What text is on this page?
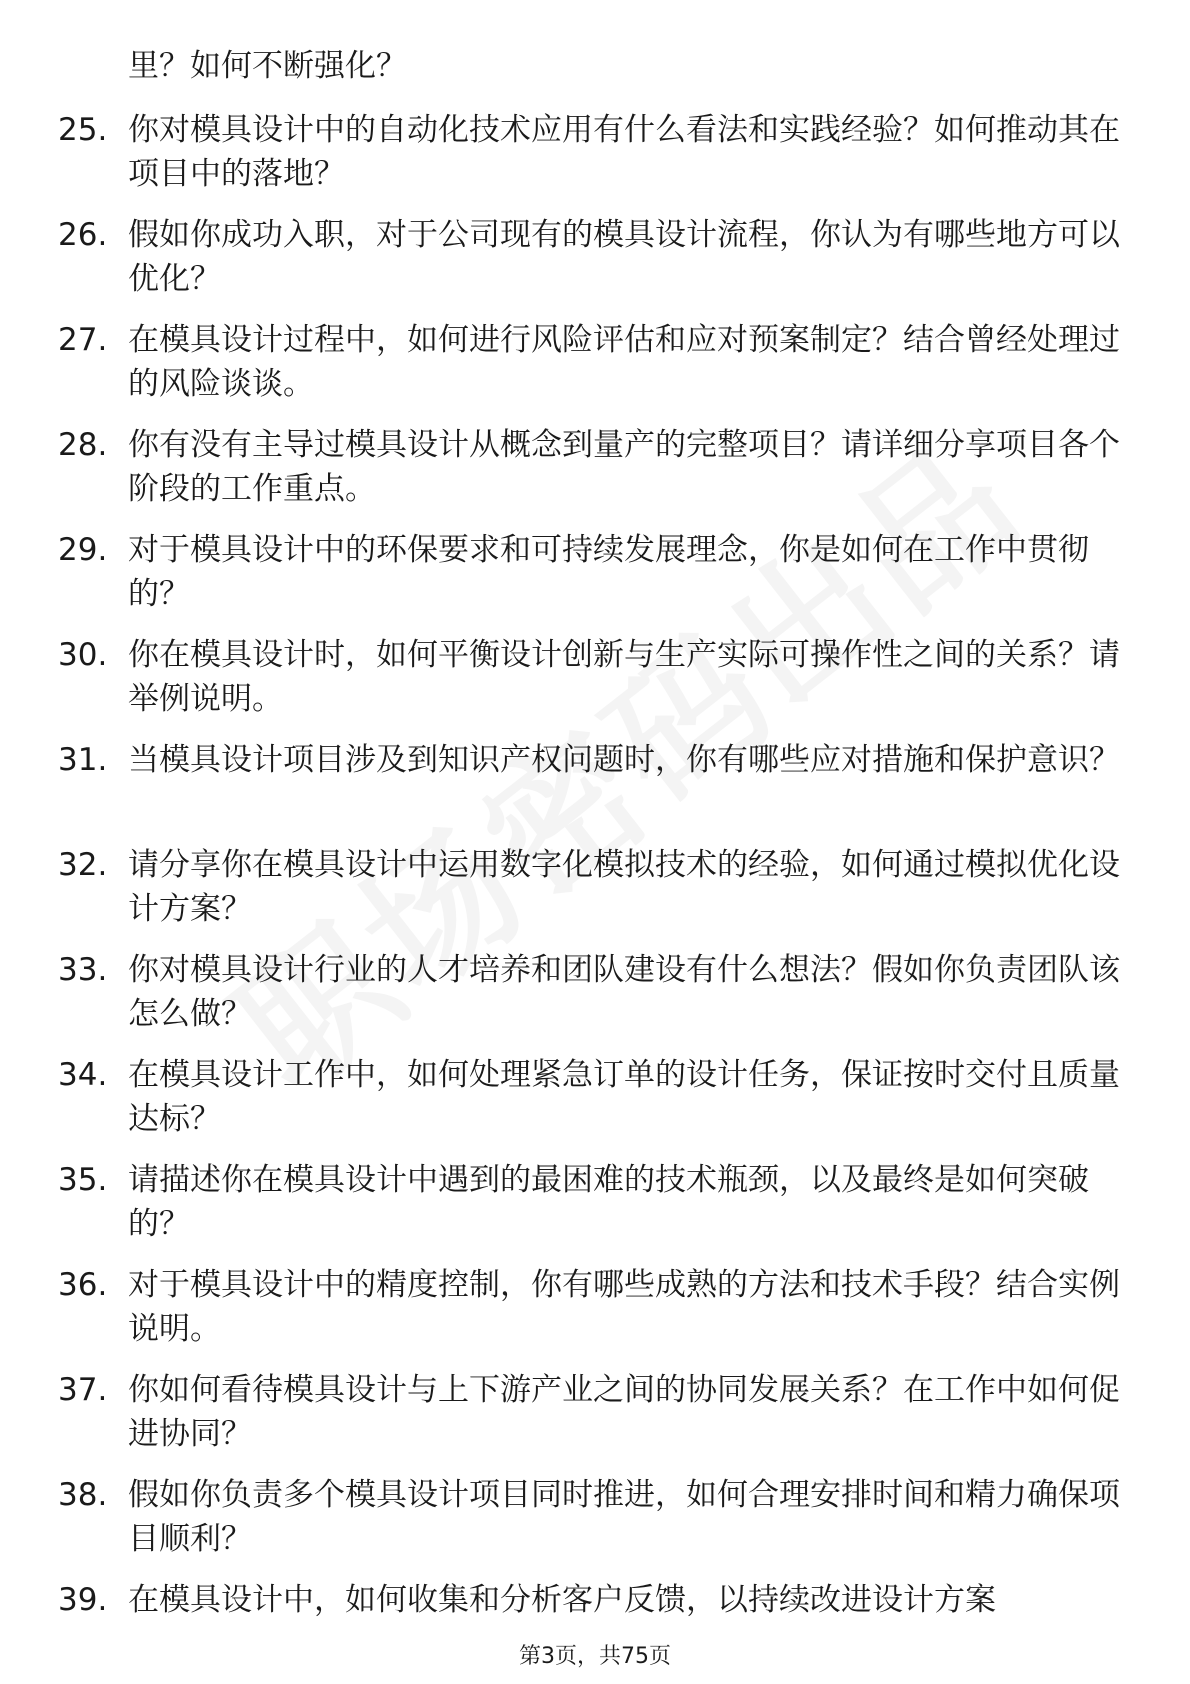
里？如何不断强化？
25. 你对模具设计中的自动化技术应用有什么看法和实践经验？如何推动其在项目中的落地？
26. 假如你成功入职，对于公司现有的模具设计流程，你认为有哪些地方可以优化？
27. 在模具设计过程中，如何进行风险评估和应对预案制定？结合曾经处理过的风险谈谈。
28. 你有没有主导过模具设计从概念到量产的完整项目？请详细分享项目各个阶段的工作重点。
29. 对于模具设计中的环保要求和可持续发展理念，你是如何在工作中贯彻的？
30. 你在模具设计时，如何平衡设计创新与生产实际可操作性之间的关系？请举例说明。
31. 当模具设计项目涉及到知识产权问题时，你有哪些应对措施和保护意识？
32. 请分享你在模具设计中运用数字化模拟技术的经验，如何通过模拟优化设计方案？
33. 你对模具设计行业的人才培养和团队建设有什么想法？假如你负责团队该怎么做？
34. 在模具设计工作中，如何处理紧急订单的设计任务，保证按时交付且质量达标？
35. 请描述你在模具设计中遇到的最困难的技术瓶颈，以及最终是如何突破的？
36. 对于模具设计中的精度控制，你有哪些成熟的方法和技术手段？结合实例说明。
37. 你如何看待模具设计与上下游产业之间的协同发展关系？在工作中如何促进协同？
38. 假如你负责多个模具设计项目同时推进，如何合理安排时间和精力确保项目顺利？
39. 在模具设计中，如何收集和分析客户反馈，以持续改进设计方案
第3页，共75页
